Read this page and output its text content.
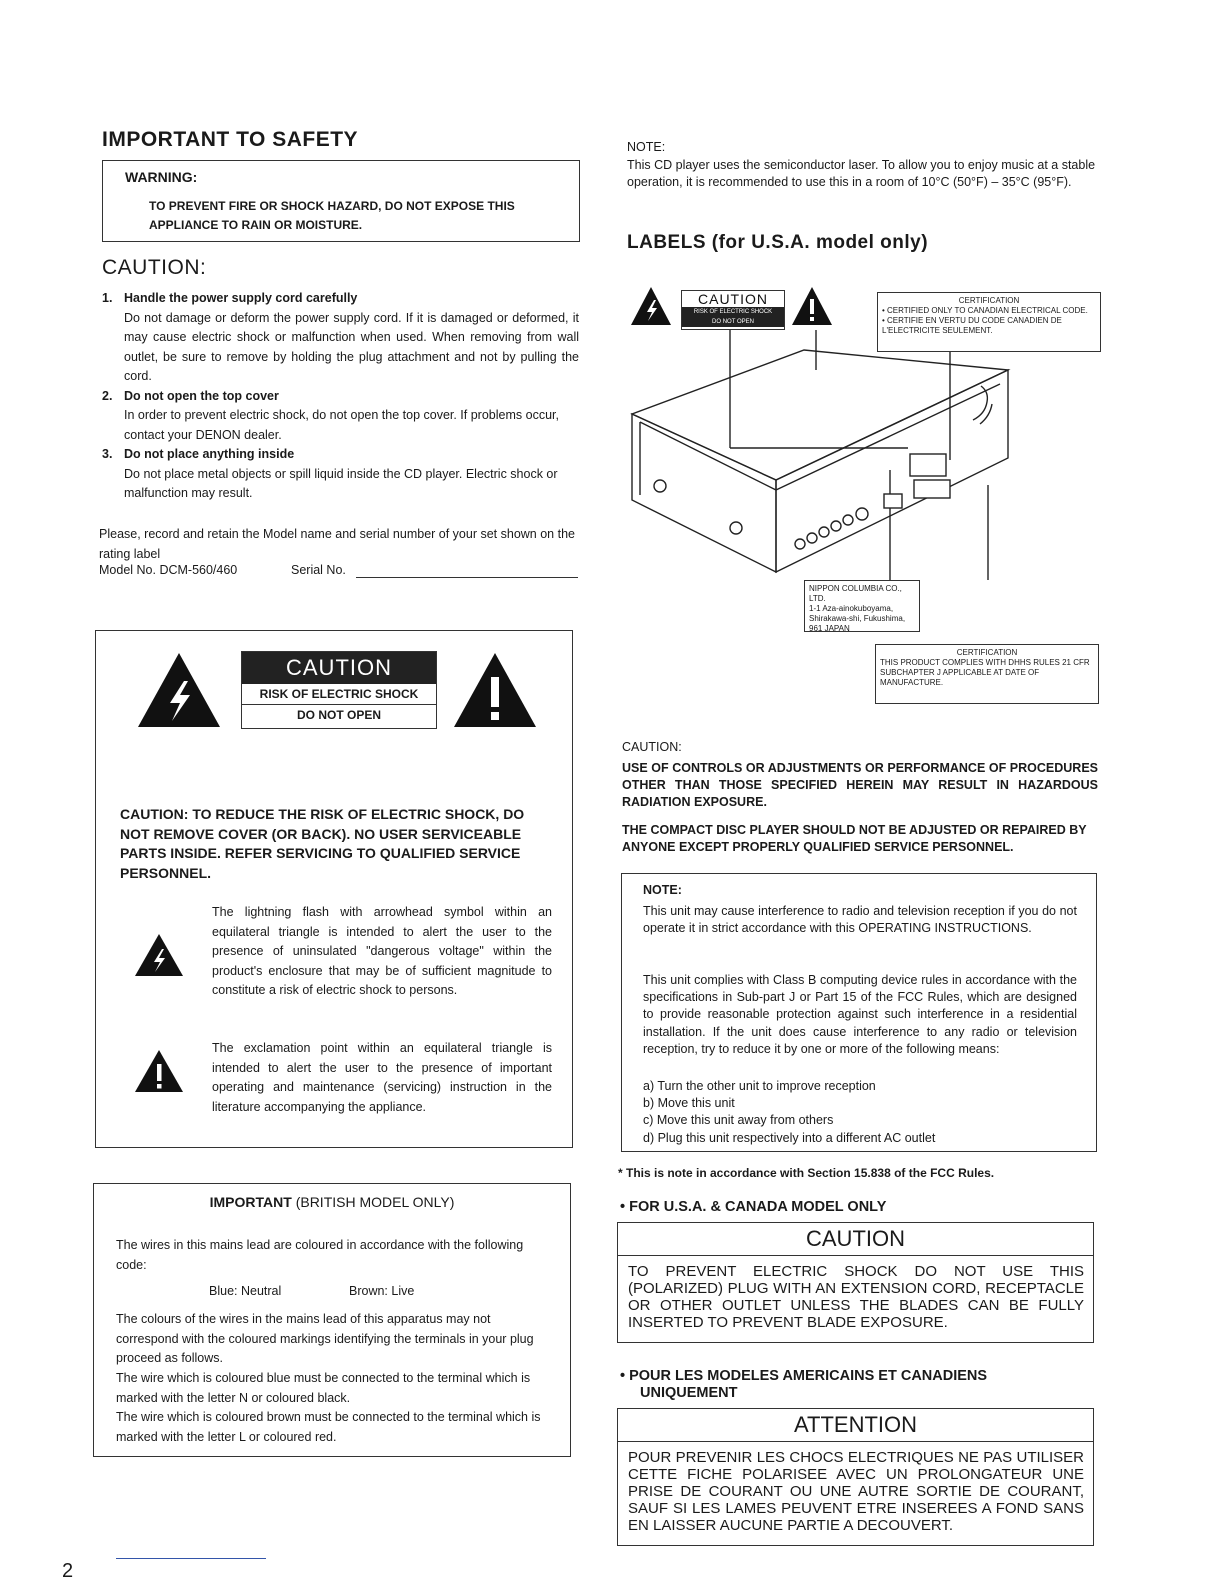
IMPORTANT TO SAFETY
WARNING:
TO PREVENT FIRE OR SHOCK HAZARD, DO NOT EXPOSE THIS
APPLIANCE TO RAIN OR MOISTURE.
CAUTION:
1. Handle the power supply cord carefully
Do not damage or deform the power supply cord. If it is damaged or deformed, it may cause electric shock or malfunction when used. When removing from wall outlet, be sure to remove by holding the plug attachment and not by pulling the cord.
2. Do not open the top cover
In order to prevent electric shock, do not open the top cover. If problems occur, contact your DENON dealer.
3. Do not place anything inside
Do not place metal objects or spill liquid inside the CD player. Electric shock or malfunction may result.

Please, record and retain the Model name and serial number of your set shown on the rating label

Model No. DCM-560/460	Serial No.
CAUTION
RISK OF ELECTRIC SHOCK
DO NOT OPEN
CAUTION: TO REDUCE THE RISK OF ELECTRIC SHOCK, DO NOT REMOVE COVER (OR BACK). NO USER SERVICEABLE PARTS INSIDE. REFER SERVICING TO QUALIFIED SERVICE PERSONNEL.
The lightning flash with arrowhead symbol within an equilateral triangle is intended to alert the user to the presence of uninsulated "dangerous voltage" within the product's enclosure that may be of sufficient magnitude to constitute a risk of electric shock to persons.
The exclamation point within an equilateral triangle is intended to alert the user to the presence of important operating and maintenance (servicing) instruction in the literature accompanying the appliance.
IMPORTANT (BRITISH MODEL ONLY)
The wires in this mains lead are coloured in accordance with the following code:
Blue: Neutral	Brown: Live
The colours of the wires in the mains lead of this apparatus may not correspond with the coloured markings identifying the terminals in your plug proceed as follows.
The wire which is coloured blue must be connected to the terminal which is marked with the letter N or coloured black.
The wire which is coloured brown must be connected to the terminal which is marked with the letter L or coloured red.
2
NOTE:
This CD player uses the semiconductor laser. To allow you to enjoy music at a stable operation, it is recommended to use this in a room of 10°C (50°F) – 35°C (95°F).
LABELS (for U.S.A. model only)
CAUTION
RISK OF ELECTRIC SHOCK
DO NOT OPEN
CERTIFICATION
• CERTIFIED ONLY TO CANADIAN ELECTRICAL CODE.
• CERTIFIE EN VERTU DU CODE CANADIEN DE L'ELECTRICITE SEULEMENT.
NIPPON COLUMBIA CO., LTD.
1-1 Aza-ainokuboyama,
Shirakawa-shi, Fukushima,
961 JAPAN
CERTIFICATION
THIS PRODUCT COMPLIES WITH DHHS RULES 21 CFR SUBCHAPTER J APPLICABLE AT DATE OF MANUFACTURE.
CAUTION:
USE OF CONTROLS OR ADJUSTMENTS OR PERFORMANCE OF PROCEDURES OTHER THAN THOSE SPECIFIED HEREIN MAY RESULT IN HAZARDOUS RADIATION EXPOSURE.
THE COMPACT DISC PLAYER SHOULD NOT BE ADJUSTED OR REPAIRED BY ANYONE EXCEPT PROPERLY QUALIFIED SERVICE PERSONNEL.
NOTE:
This unit may cause interference to radio and television reception if you do not operate it in strict accordance with this OPERATING INSTRUCTIONS.
This unit complies with Class B computing device rules in accordance with the specifications in Sub-part J or Part 15 of the FCC Rules, which are designed to provide reasonable protection against such interference in a residential installation. If the unit does cause interference to any radio or television reception, try to reduce it by one or more of the following means:
a) Turn the other unit to improve reception
b) Move this unit
c) Move this unit away from others
d) Plug this unit respectively into a different AC outlet
* This is note in accordance with Section 15.838 of the FCC Rules.
• FOR U.S.A. & CANADA MODEL ONLY
CAUTION
TO PREVENT ELECTRIC SHOCK DO NOT USE THIS (POLARIZED) PLUG WITH AN EXTENSION CORD, RECEPTACLE OR OTHER OUTLET UNLESS THE BLADES CAN BE FULLY INSERTED TO PREVENT BLADE EXPOSURE.
• POUR LES MODELES AMERICAINS ET CANADIENS
UNIQUEMENT
ATTENTION
POUR PREVENIR LES CHOCS ELECTRIQUES NE PAS UTILISER CETTE FICHE POLARISEE AVEC UN PROLONGATEUR UNE PRISE DE COURANT OU UNE AUTRE SORTIE DE COURANT, SAUF SI LES LAMES PEUVENT ETRE INSEREES A FOND SANS EN LAISSER AUCUNE PARTIE A DECOUVERT.
